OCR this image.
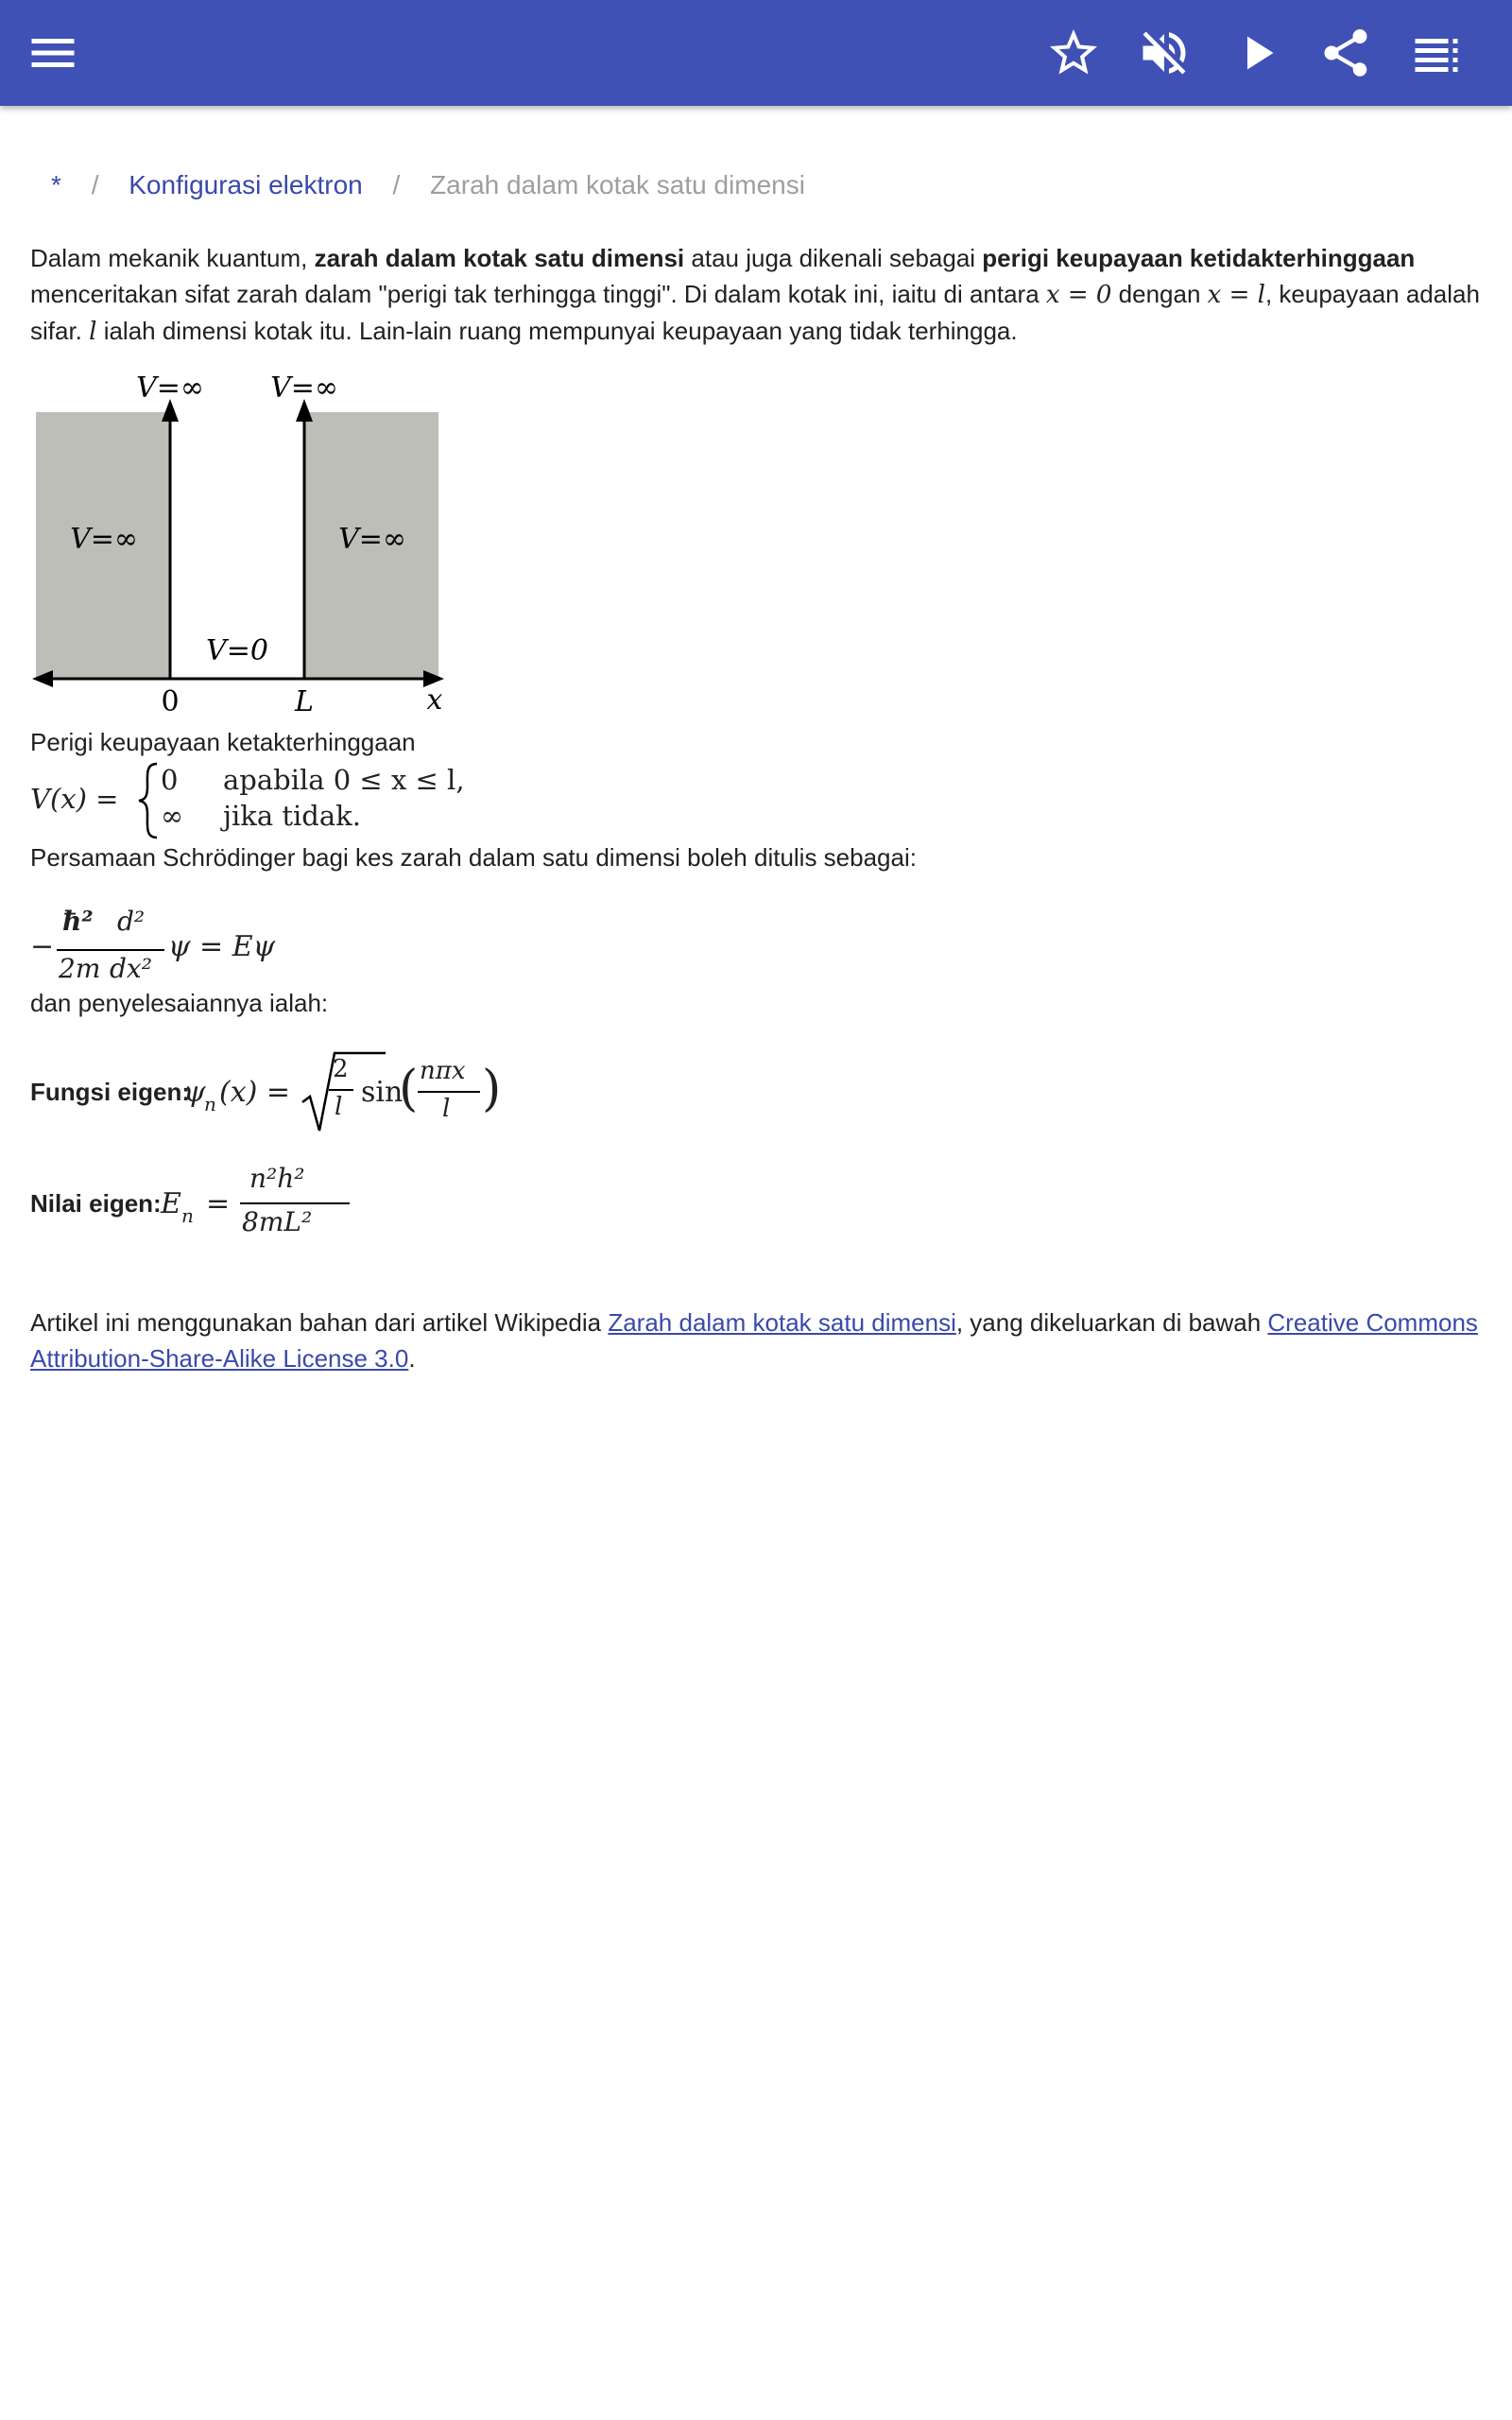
* / Konfigurasi elektron / Zarah dalam kotak satu dimensi

Dalam mekanik kuantum, zarah dalam kotak satu dimensi atau juga dikenali sebagai perigi keupayaan ketidakterhinggaan menceritakan sifat zarah dalam "perigi tak terhingga tinggi". Di dalam kotak ini, iaitu di antara x = 0 dengan x = l, keupayaan adalah sifar. l ialah dimensi kotak itu. Lain-lain ruang mempunyai keupayaan yang tidak terhingga.

V=∞ V=∞
V=∞	V=∞
V=0
0	L	x
Perigi keupayaan ketakterhinggaan
V(x) =
0 apabila 0 ≤ x ≤ l,
∞ jika tidak.
Persamaan Schrödinger bagi kes zarah dalam satu dimensi boleh ditulis sebagai:
−
ħ²
2m
d²
dx²
ψ = Eψ
dan penyelesaiannya ialah:
Fungsi eigen:
ψ
n (x) =
2
l sin
( nπx
l )
Nilai eigen: E n =
n²h²
8mL²
Artikel ini menggunakan bahan dari artikel Wikipedia Zarah dalam kotak satu dimensi, yang dikeluarkan di bawah Creative Commons Attribution-Share-Alike License 3.0.
